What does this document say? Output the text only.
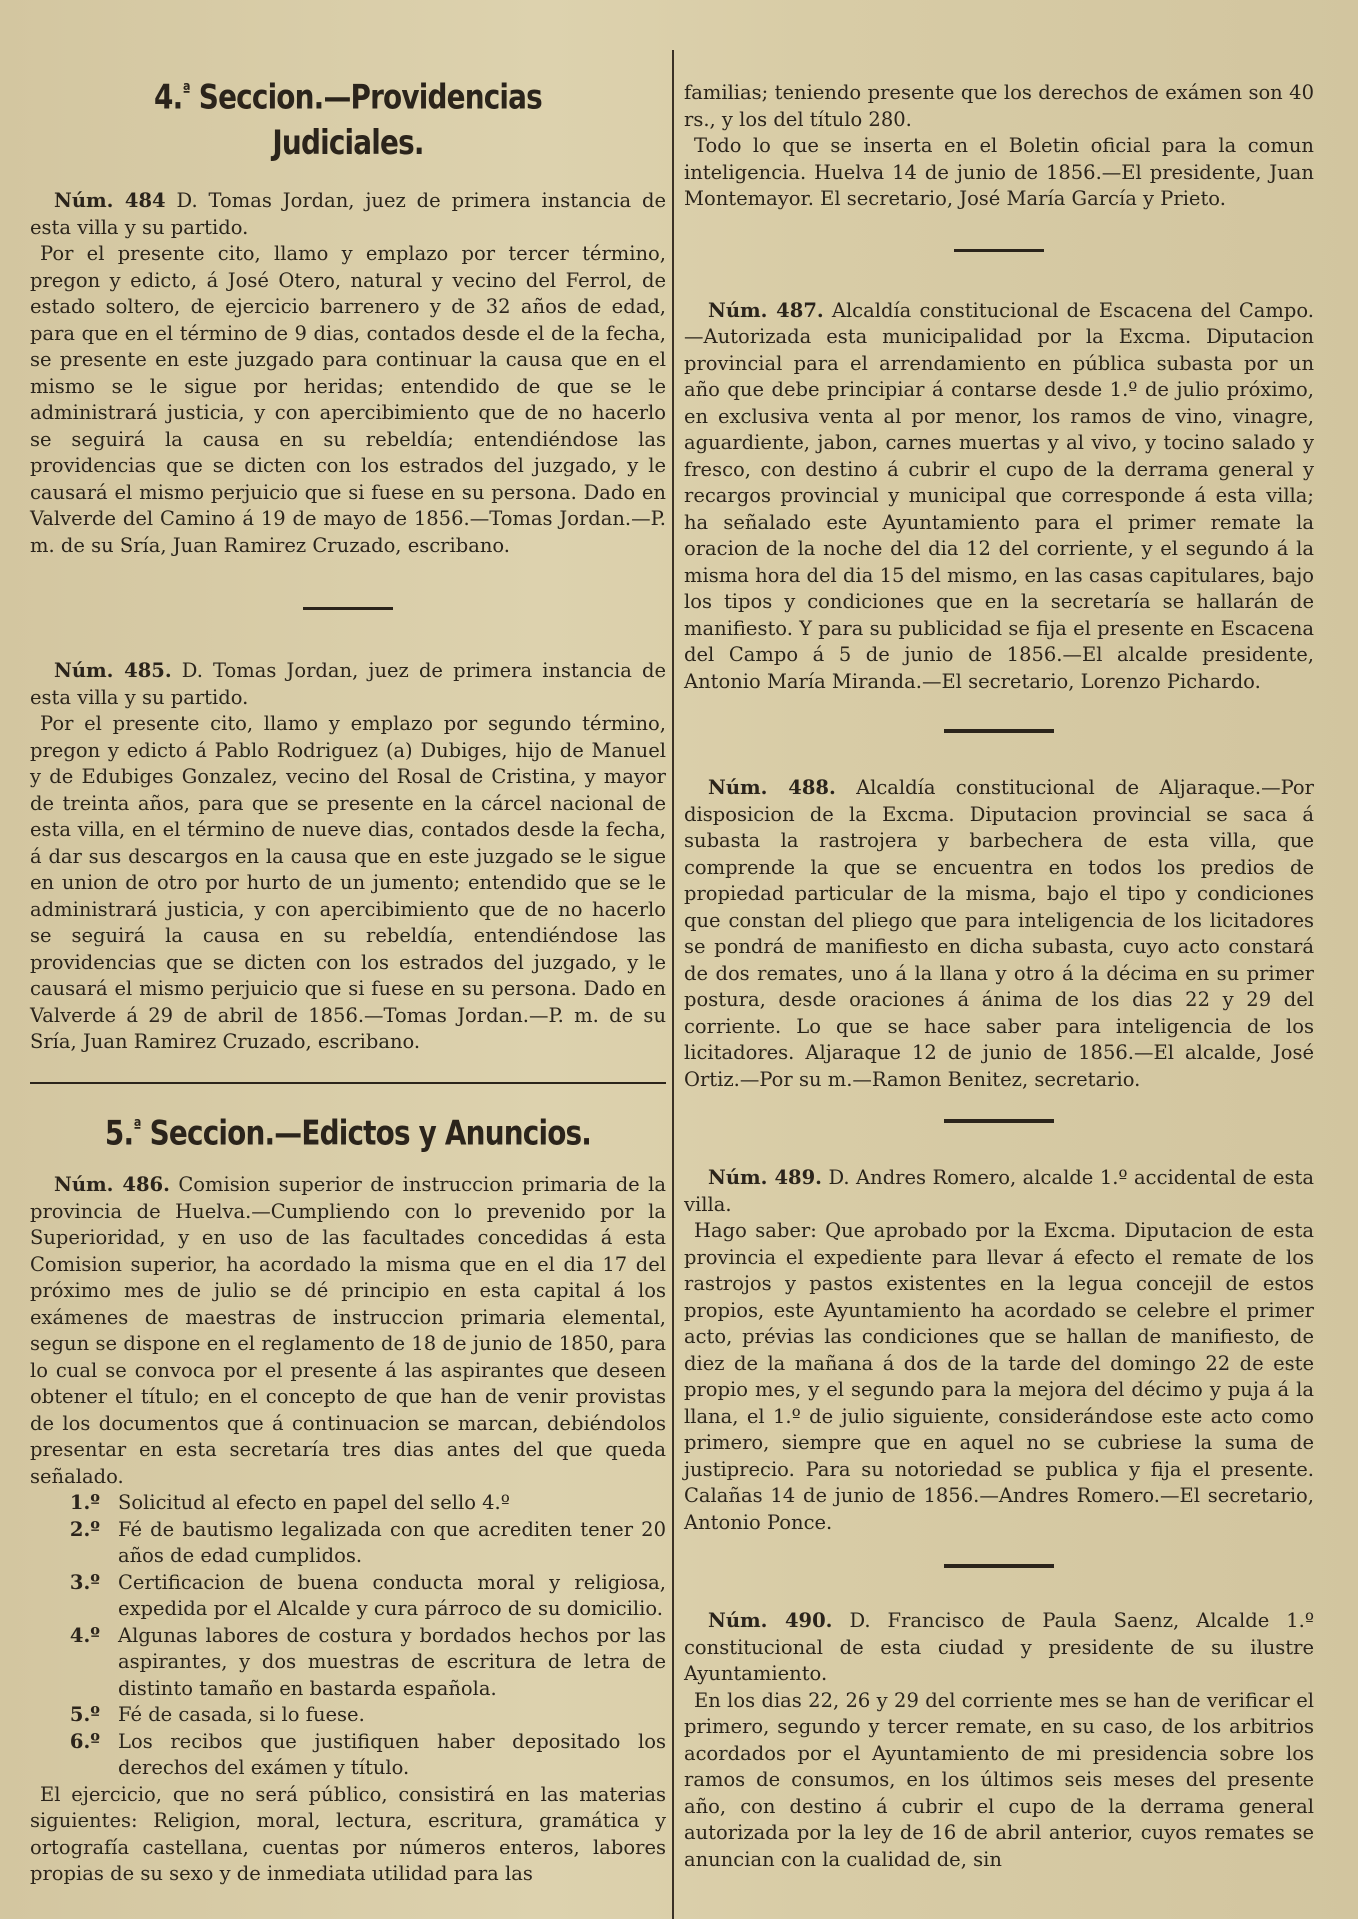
4.$^ª$ Seccion.—Providencias Judiciales.

Núm. 484 D. Tomas Jordan, juez de primera instancia de esta villa y su partido.

Por el presente cito, llamo y emplazo por tercer término, pregon y edicto, á José Otero, natural y vecino del Ferrol, de estado soltero, de ejercicio barrenero y de 32 años de edad, para que en el término de 9 dias, contados desde el de la fecha, se presente en este juzgado para continuar la causa que en el mismo se le sigue por heridas; entendido de que se le administrará justicia, y con apercibimiento que de no hacerlo se seguirá la causa en su rebeldía; entendiéndose las providencias que se dicten con los estrados del juzgado, y le causará el mismo perjuicio que si fuese en su persona. Dado en Valverde del Camino á 19 de mayo de 1856.—Tomas Jordan.—P. m. de su Sría, Juan Ramirez Cruzado, escribano.

Núm. 485. D. Tomas Jordan, juez de primera instancia de esta villa y su partido.

Por el presente cito, llamo y emplazo por segundo término, pregon y edicto á Pablo Rodriguez (a) Dubiges, hijo de Manuel y de Edubiges Gonzalez, vecino del Rosal de Cristina, y mayor de treinta años, para que se presente en la cárcel nacional de esta villa, en el término de nueve dias, contados desde la fecha, á dar sus descargos en la causa que en este juzgado se le sigue en union de otro por hurto de un jumento; entendido que se le administrará justicia, y con apercibimiento que de no hacerlo se seguirá la causa en su rebeldía, entendiéndose las providencias que se dicten con los estrados del juzgado, y le causará el mismo perjuicio que si fuese en su persona. Dado en Valverde á 29 de abril de 1856.—Tomas Jordan.—P. m. de su Sría, Juan Ramirez Cruzado, escribano.

5.$^ª$ Seccion.—Edictos y Anuncios.

Núm. 486. Comision superior de instruccion primaria de la provincia de Huelva.—Cumpliendo con lo prevenido por la Superioridad, y en uso de las facultades concedidas á esta Comision superior, ha acordado la misma que en el dia 17 del próximo mes de julio se dé principio en esta capital á los exámenes de maestras de instruccion primaria elemental, segun se dispone en el reglamento de 18 de junio de 1850, para lo cual se convoca por el presente á las aspirantes que deseen obtener el título; en el concepto de que han de venir provistas de los documentos que á continuacion se marcan, debiéndolos presentar en esta secretaría tres dias antes del que queda señalado.

1.º Solicitud al efecto en papel del sello 4.º
2.º Fé de bautismo legalizada con que acrediten tener 20 años de edad cumplidos.
3.º Certificacion de buena conducta moral y religiosa, expedida por el Alcalde y cura párroco de su domicilio.
4.º Algunas labores de costura y bordados hechos por las aspirantes, y dos muestras de escritura de letra de distinto tamaño en bastarda española.
5.º Fé de casada, si lo fuese.
6.º Los recibos que justifiquen haber depositado los derechos del exámen y título.

El ejercicio, que no será público, consistirá en las materias siguientes: Religion, moral, lectura, escritura, gramática y ortografía castellana, cuentas por números enteros, labores propias de su sexo y de inmediata utilidad para las

familias; teniendo presente que los derechos de exámen son 40 rs., y los del título 280.

Todo lo que se inserta en el Boletin oficial para la comun inteligencia. Huelva 14 de junio de 1856.—El presidente, Juan Montemayor. El secretario, José María García y Prieto.

Núm. 487. Alcaldía constitucional de Escacena del Campo.—Autorizada esta municipalidad por la Excma. Diputacion provincial para el arrendamiento en pública subasta por un año que debe principiar á contarse desde 1.º de julio próximo, en exclusiva venta al por menor, los ramos de vino, vinagre, aguardiente, jabon, carnes muertas y al vivo, y tocino salado y fresco, con destino á cubrir el cupo de la derrama general y recargos provincial y municipal que corresponde á esta villa; ha señalado este Ayuntamiento para el primer remate la oracion de la noche del dia 12 del corriente, y el segundo á la misma hora del dia 15 del mismo, en las casas capitulares, bajo los tipos y condiciones que en la secretaría se hallarán de manifiesto. Y para su publicidad se fija el presente en Escacena del Campo á 5 de junio de 1856.—El alcalde presidente, Antonio María Miranda.—El secretario, Lorenzo Pichardo.

Núm. 488. Alcaldía constitucional de Aljaraque.—Por disposicion de la Excma. Diputacion provincial se saca á subasta la rastrojera y barbechera de esta villa, que comprende la que se encuentra en todos los predios de propiedad particular de la misma, bajo el tipo y condiciones que constan del pliego que para inteligencia de los licitadores se pondrá de manifiesto en dicha subasta, cuyo acto constará de dos remates, uno á la llana y otro á la décima en su primer postura, desde oraciones á ánima de los dias 22 y 29 del corriente. Lo que se hace saber para inteligencia de los licitadores. Aljaraque 12 de junio de 1856.—El alcalde, José Ortiz.—Por su m.—Ramon Benitez, secretario.

Núm. 489. D. Andres Romero, alcalde 1.º accidental de esta villa.

Hago saber: Que aprobado por la Excma. Diputacion de esta provincia el expediente para llevar á efecto el remate de los rastrojos y pastos existentes en la legua concejil de estos propios, este Ayuntamiento ha acordado se celebre el primer acto, prévias las condiciones que se hallan de manifiesto, de diez de la mañana á dos de la tarde del domingo 22 de este propio mes, y el segundo para la mejora del décimo y puja á la llana, el 1.º de julio siguiente, considerándose este acto como primero, siempre que en aquel no se cubriese la suma de justiprecio. Para su notoriedad se publica y fija el presente. Calañas 14 de junio de 1856.—Andres Romero.—El secretario, Antonio Ponce.

Núm. 490. D. Francisco de Paula Saenz, Alcalde 1.º constitucional de esta ciudad y presidente de su ilustre Ayuntamiento.

En los dias 22, 26 y 29 del corriente mes se han de verificar el primero, segundo y tercer remate, en su caso, de los arbitrios acordados por el Ayuntamiento de mi presidencia sobre los ramos de consumos, en los últimos seis meses del presente año, con destino á cubrir el cupo de la derrama general autorizada por la ley de 16 de abril anterior, cuyos remates se anuncian con la cualidad de, sin
